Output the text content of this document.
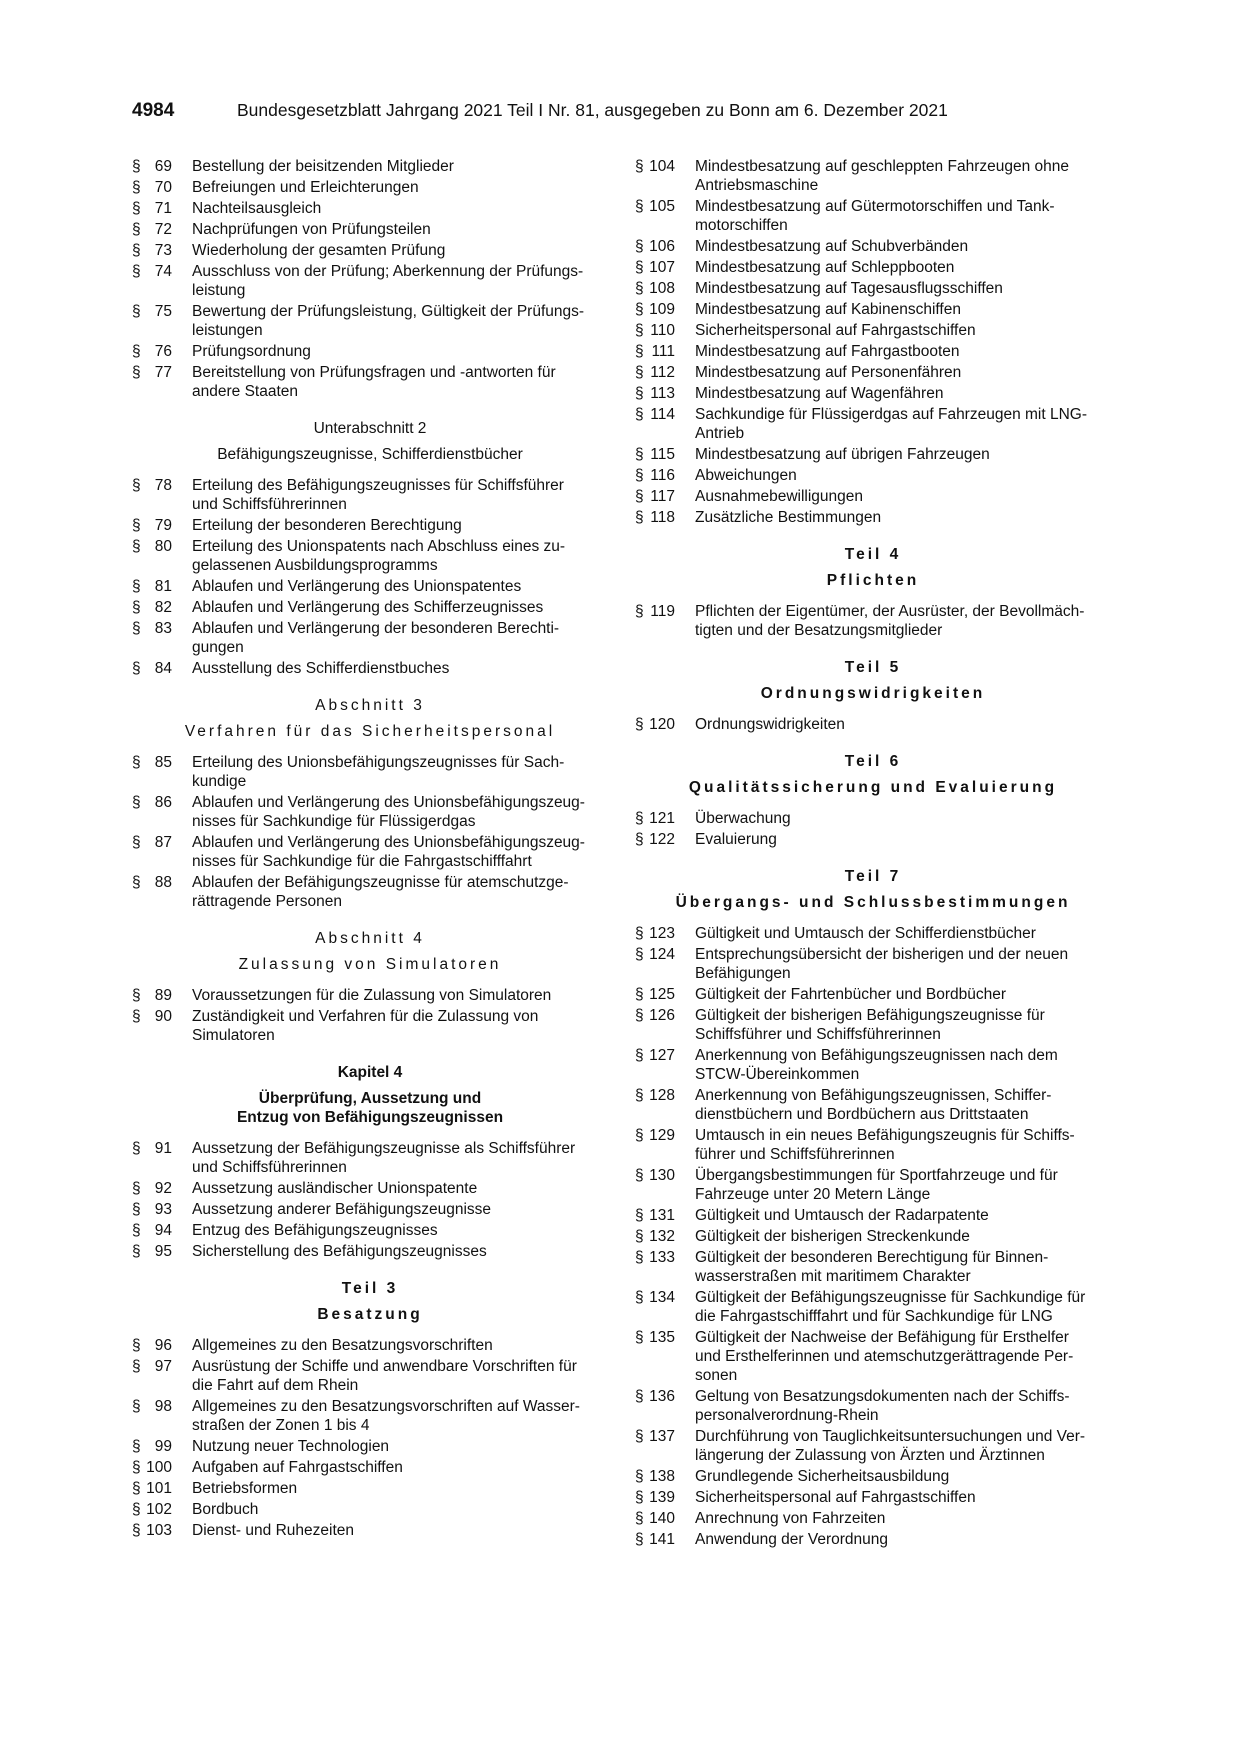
4984	Bundesgesetzblatt Jahrgang 2021 Teil I Nr. 81, ausgegeben zu Bonn am 6. Dezember 2021
§ 69	Bestellung der beisitzenden Mitglieder
§ 70	Befreiungen und Erleichterungen
§ 71	Nachteilsausgleich
§ 72	Nachprüfungen von Prüfungsteilen
§ 73	Wiederholung der gesamten Prüfung
§ 74	Ausschluss von der Prüfung; Aberkennung der Prüfungs-
leistung
§ 75	Bewertung der Prüfungsleistung, Gültigkeit der Prüfungs-
leistungen
§ 76	Prüfungsordnung
§ 77	Bereitstellung von Prüfungsfragen und -antworten für
andere Staaten
Unterabschnitt 2
Befähigungszeugnisse, Schifferdienstbücher
§ 78	Erteilung des Befähigungszeugnisses für Schiffsführer
und Schiffsführerinnen
§ 79	Erteilung der besonderen Berechtigung
§ 80	Erteilung des Unionspatents nach Abschluss eines zu-
gelassenen Ausbildungsprogramms
§ 81	Ablaufen und Verlängerung des Unionspatentes
§ 82	Ablaufen und Verlängerung des Schifferzeugnisses
§ 83	Ablaufen und Verlängerung der besonderen Berechti-
gungen
§ 84	Ausstellung des Schifferdienstbuches
Abschnitt 3
Verfahren für das Sicherheitspersonal
§ 85	Erteilung des Unionsbefähigungszeugnisses für Sach-
kundige
§ 86	Ablaufen und Verlängerung des Unionsbefähigungszeug-
nisses für Sachkundige für Flüssigerdgas
§ 87	Ablaufen und Verlängerung des Unionsbefähigungszeug-
nisses für Sachkundige für die Fahrgastschifffahrt
§ 88	Ablaufen der Befähigungszeugnisse für atemschutzge-
rättragende Personen
Abschnitt 4
Zulassung von Simulatoren
§ 89	Voraussetzungen für die Zulassung von Simulatoren
§ 90	Zuständigkeit und Verfahren für die Zulassung von
Simulatoren
Kapitel 4
Überprüfung, Aussetzung und
Entzug von Befähigungszeugnissen
§ 91	Aussetzung der Befähigungszeugnisse als Schiffsführer
und Schiffsführerinnen
§ 92	Aussetzung ausländischer Unionspatente
§ 93	Aussetzung anderer Befähigungszeugnisse
§ 94	Entzug des Befähigungszeugnisses
§ 95	Sicherstellung des Befähigungszeugnisses
Teil 3
Besatzung
§ 96	Allgemeines zu den Besatzungsvorschriften
§ 97	Ausrüstung der Schiffe und anwendbare Vorschriften für
die Fahrt auf dem Rhein
§ 98	Allgemeines zu den Besatzungsvorschriften auf Wasser-
straßen der Zonen 1 bis 4
§ 99	Nutzung neuer Technologien
§ 100	Aufgaben auf Fahrgastschiffen
§ 101	Betriebsformen
§ 102	Bordbuch
§ 103	Dienst- und Ruhezeiten
§ 104	Mindestbesatzung auf geschleppten Fahrzeugen ohne
Antriebsmaschine
§ 105	Mindestbesatzung auf Gütermotorschiffen und Tank-
motorschiffen
§ 106	Mindestbesatzung auf Schubverbänden
§ 107	Mindestbesatzung auf Schleppbooten
§ 108	Mindestbesatzung auf Tagesausflugsschiffen
§ 109	Mindestbesatzung auf Kabinenschiffen
§ 110	Sicherheitspersonal auf Fahrgastschiffen
§ 111	Mindestbesatzung auf Fahrgastbooten
§ 112	Mindestbesatzung auf Personenfähren
§ 113	Mindestbesatzung auf Wagenfähren
§ 114	Sachkundige für Flüssigerdgas auf Fahrzeugen mit LNG-
Antrieb
§ 115	Mindestbesatzung auf übrigen Fahrzeugen
§ 116	Abweichungen
§ 117	Ausnahmebewilligungen
§ 118	Zusätzliche Bestimmungen
Teil 4
Pflichten
§ 119	Pflichten der Eigentümer, der Ausrüster, der Bevollmäch-
tigten und der Besatzungsmitglieder
Teil 5
Ordnungswidrigkeiten
§ 120	Ordnungswidrigkeiten
Teil 6
Qualitätssicherung und Evaluierung
§ 121	Überwachung
§ 122	Evaluierung
Teil 7
Übergangs- und Schlussbestimmungen
§ 123	Gültigkeit und Umtausch der Schifferdienstbücher
§ 124	Entsprechungsübersicht der bisherigen und der neuen
Befähigungen
§ 125	Gültigkeit der Fahrtenbücher und Bordbücher
§ 126	Gültigkeit der bisherigen Befähigungszeugnisse für
Schiffsführer und Schiffsführerinnen
§ 127	Anerkennung von Befähigungszeugnissen nach dem
STCW-Übereinkommen
§ 128	Anerkennung von Befähigungszeugnissen, Schiffer-
dienstbüchern und Bordbüchern aus Drittstaaten
§ 129	Umtausch in ein neues Befähigungszeugnis für Schiffs-
führer und Schiffsführerinnen
§ 130	Übergangsbestimmungen für Sportfahrzeuge und für
Fahrzeuge unter 20 Metern Länge
§ 131	Gültigkeit und Umtausch der Radarpatente
§ 132	Gültigkeit der bisherigen Streckenkunde
§ 133	Gültigkeit der besonderen Berechtigung für Binnen-
wasserstraßen mit maritimem Charakter
§ 134	Gültigkeit der Befähigungszeugnisse für Sachkundige für
die Fahrgastschifffahrt und für Sachkundige für LNG
§ 135	Gültigkeit der Nachweise der Befähigung für Ersthelfer
und Ersthelferinnen und atemschutzgerättragende Per-
sonen
§ 136	Geltung von Besatzungsdokumenten nach der Schiffs-
personalverordnung-Rhein
§ 137	Durchführung von Tauglichkeitsuntersuchungen und Ver-
längerung der Zulassung von Ärzten und Ärztinnen
§ 138	Grundlegende Sicherheitsausbildung
§ 139	Sicherheitspersonal auf Fahrgastschiffen
§ 140	Anrechnung von Fahrzeiten
§ 141	Anwendung der Verordnung
